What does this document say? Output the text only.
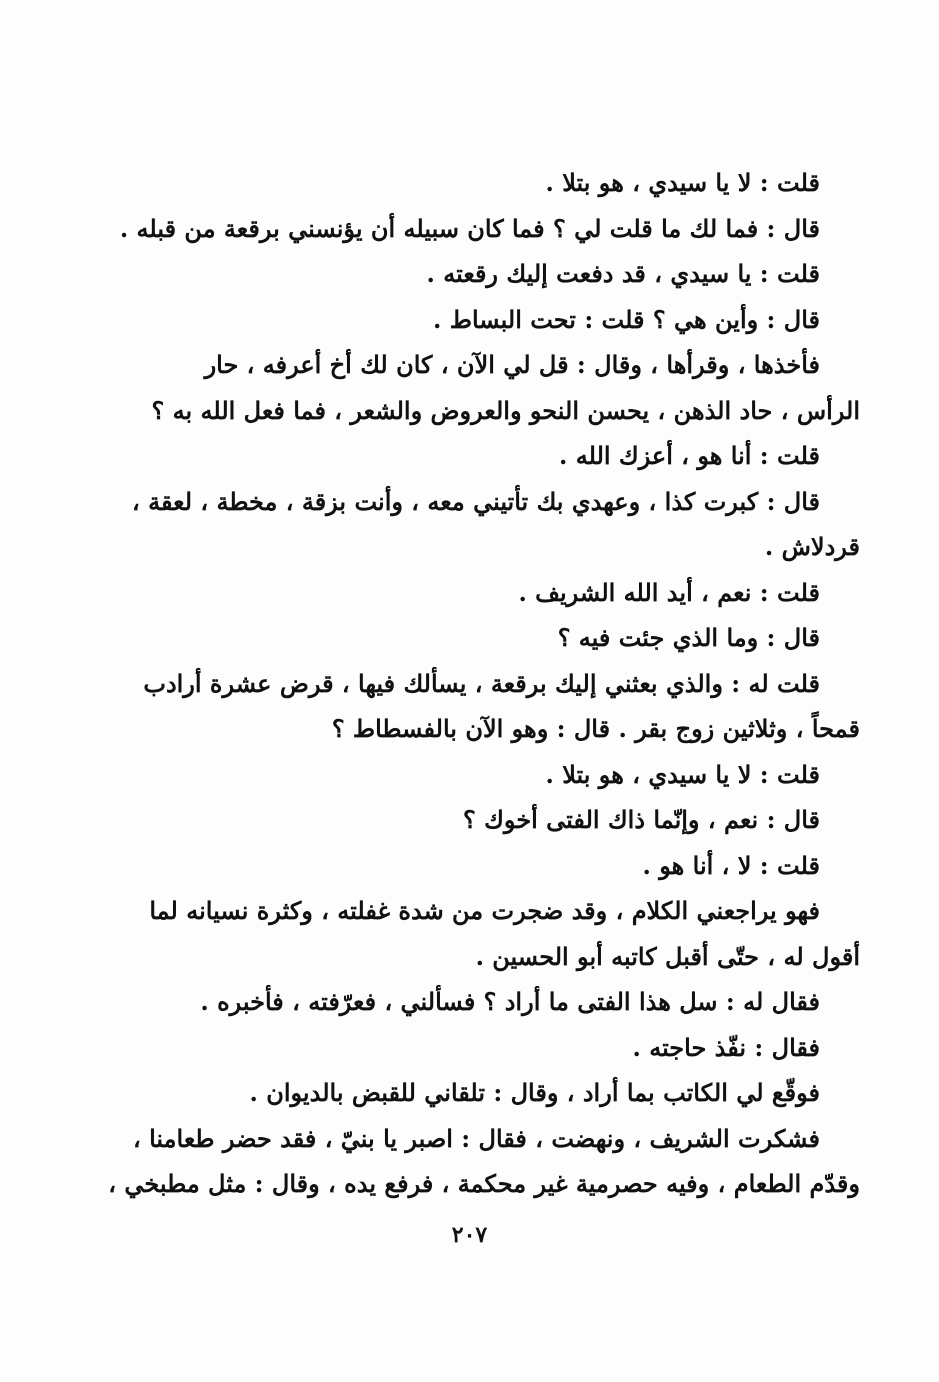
قلت : لا يا سيدي ، هو بتلا .
قال : فما لك ما قلت لي ؟ فما كان سبيله أن يؤنسني برقعة من قبله .
قلت : يا سيدي ، قد دفعت إليك رقعته .
قال : وأين هي ؟ قلت : تحت البساط .
فأخذها ، وقرأها ، وقال : قل لي الآن ، كان لك أخ أعرفه ، حار
الرأس ، حاد الذهن ، يحسن النحو والعروض والشعر ، فما فعل الله به ؟
قلت : أنا هو ، أعزك الله .
قال : كبرت كذا ، وعهدي بك تأتيني معه ، وأنت بزقة ، مخطة ، لعقة ،
قردلاش .
قلت : نعم ، أيد الله الشريف .
قال : وما الذي جئت فيه ؟
قلت له : والذي بعثني إليك برقعة ، يسألك فيها ، قرض عشرة أرادب
قمحاً ، وثلاثين زوج بقر . قال : وهو الآن بالفسطاط ؟
قلت : لا يا سيدي ، هو بتلا .
قال : نعم ، وإنّما ذاك الفتى أخوك ؟
قلت : لا ، أنا هو .
فهو يراجعني الكلام ، وقد ضجرت من شدة غفلته ، وكثرة نسيانه لما
أقول له ، حتّى أقبل كاتبه أبو الحسين .
فقال له : سل هذا الفتى ما أراد ؟ فسألني ، فعرّفته ، فأخبره .
فقال : نفّذ حاجته .
فوقّع لي الكاتب بما أراد ، وقال : تلقاني للقبض بالديوان .
فشكرت الشريف ، ونهضت ، فقال : اصبر يا بنيّ ، فقد حضر طعامنا ،
وقدّم الطعام ، وفيه حصرمية غير محكمة ، فرفع يده ، وقال : مثل مطبخي ،
٢٠٧
